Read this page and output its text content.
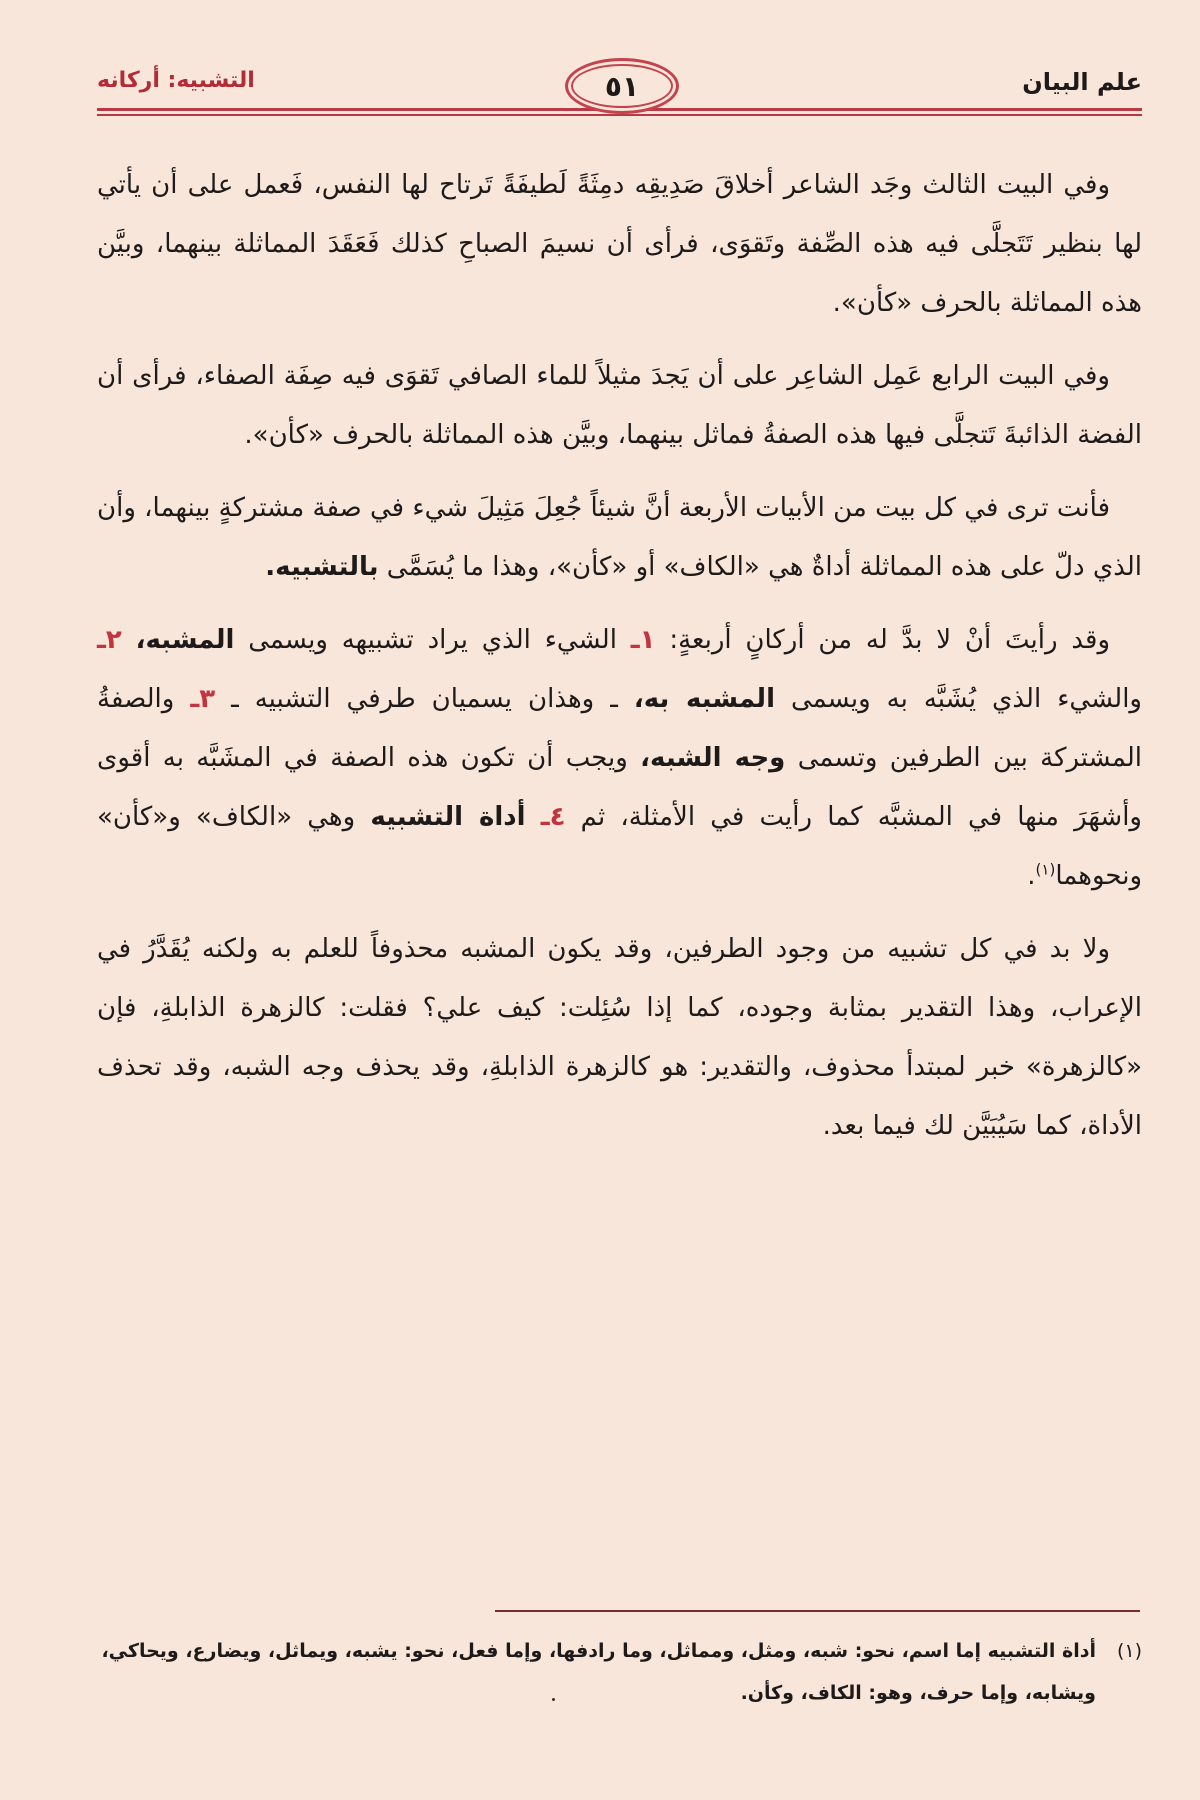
التشبيه: أركانه	٥١	علم البيان

وفي البيت الثالث وجَد الشاعر أخلاقَ صَدِيقِه دمِثَةً لَطيفَةً تَرتاح لها النفس، فَعمل على أن يأتي لها بنظير تَتَجلَّى فيه هذه الصِّفة وتَقوَى، فرأى أن نسيمَ الصباحِ كذلك فَعَقَدَ المماثلة بينهما، وبيَّن هذه المماثلة بالحرف «كأن».

وفي البيت الرابع عَمِل الشاعِر على أن يَجدَ مثيلاً للماء الصافي تَقوَى فيه صِفَة الصفاء، فرأى أن الفضة الذائبةَ تَتجلَّى فيها هذه الصفةُ فماثل بينهما، وبيَّن هذه المماثلة بالحرف «كأن».

فأنت ترى في كل بيت من الأبيات الأربعة أنَّ شيئاً جُعِلَ مَثِيلَ شيء في صفة مشتركةٍ بينهما، وأن الذي دلّ على هذه المماثلة أداةٌ هي «الكاف» أو «كأن»، وهذا ما يُسَمَّى بالتشبيه.

وقد رأيتَ أنْ لا بدَّ له من أركانٍ أربعةٍ: ١ـ الشيء الذي يراد تشبيهه ويسمى المشبه، ٢ـ والشيء الذي يُشَبَّه به ويسمى المشبه به، ـ وهذان يسميان طرفي التشبيه ـ ٣ـ والصفةُ المشتركة بين الطرفين وتسمى وجه الشبه، ويجب أن تكون هذه الصفة في المشَبَّه به أقوى وأشهَرَ منها في المشبَّه كما رأيت في الأمثلة، ثم ٤ـ أداة التشبيه وهي «الكاف» و«كأن» ونحوهما$^{(١)}$.

ولا بد في كل تشبيه من وجود الطرفين، وقد يكون المشبه محذوفاً للعلم به ولكنه يُقَدَّرُ في الإعراب، وهذا التقدير بمثابة وجوده، كما إذا سُئِلت: كيف علي؟ فقلت: كالزهرة الذابلةِ، فإن «كالزهرة» خبر لمبتدأ محذوف، والتقدير: هو كالزهرة الذابلةِ، وقد يحذف وجه الشبه، وقد تحذف الأداة، كما سَيُبَيَّن لك فيما بعد.

(١)
أداة التشبيه إما اسم، نحو: شبه، ومثل، ومماثل، وما رادفها، وإما فعل، نحو: يشبه، ويماثل، ويضارع، ويحاكي، ويشابه، وإما حرف، وهو: الكاف، وكأن.
